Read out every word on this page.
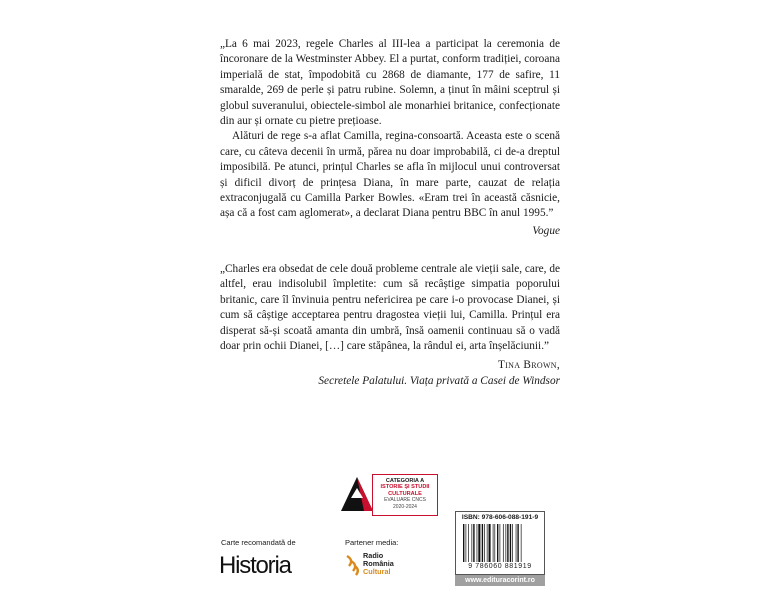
„La 6 mai 2023, regele Charles al III-lea a participat la ceremonia de încoronare de la Westminster Abbey. El a purtat, conform tradiției, coroana imperială de stat, împodobită cu 2868 de diamante, 177 de safire, 11 smaralde, 269 de perle și patru rubine. Solemn, a ținut în mâini sceptrul și globul suveranului, obiectele-simbol ale monarhiei britanice, confecționate din aur și ornate cu pietre prețioase.

Alături de rege s-a aflat Camilla, regina-consoartă. Aceasta este o scenă care, cu câteva decenii în urmă, părea nu doar improbabilă, ci de-a dreptul imposibilă. Pe atunci, prințul Charles se afla în mijlocul unui controversat și dificil divorț de prințesa Diana, în mare parte, cauzat de relația extraconjugală cu Camilla Parker Bowles. «Eram trei în această căsnicie, așa că a fost cam aglomerat», a declarat Diana pentru BBC în anul 1995.”

Vogue

„Charles era obsedat de cele două probleme centrale ale vieții sale, care, de altfel, erau indisolubil împletite: cum să recâștige simpatia poporului britanic, care îl învinuia pentru nefericirea pe care i-o provocase Dianei, și cum să câștige acceptarea pentru dragostea vieții lui, Camilla. Prințul era disperat să-și scoată amanta din umbră, însă oamenii continuau să o vadă doar prin ochii Dianei, […] care stăpânea, la rândul ei, arta înșelăciunii.”

Tina Brown,

Secretele Palatului. Viața privată a Casei de Windsor

CATEGORIA A
ISTORIE ȘI STUDII
CULTURALE
EVALUARE CNCS
2020-2024
Carte recomandată de
Historia
Partener media:
Radio
România
Cultural
ISBN: 978-606-088-191-9
9 786060 881919
www.edituracorint.ro
